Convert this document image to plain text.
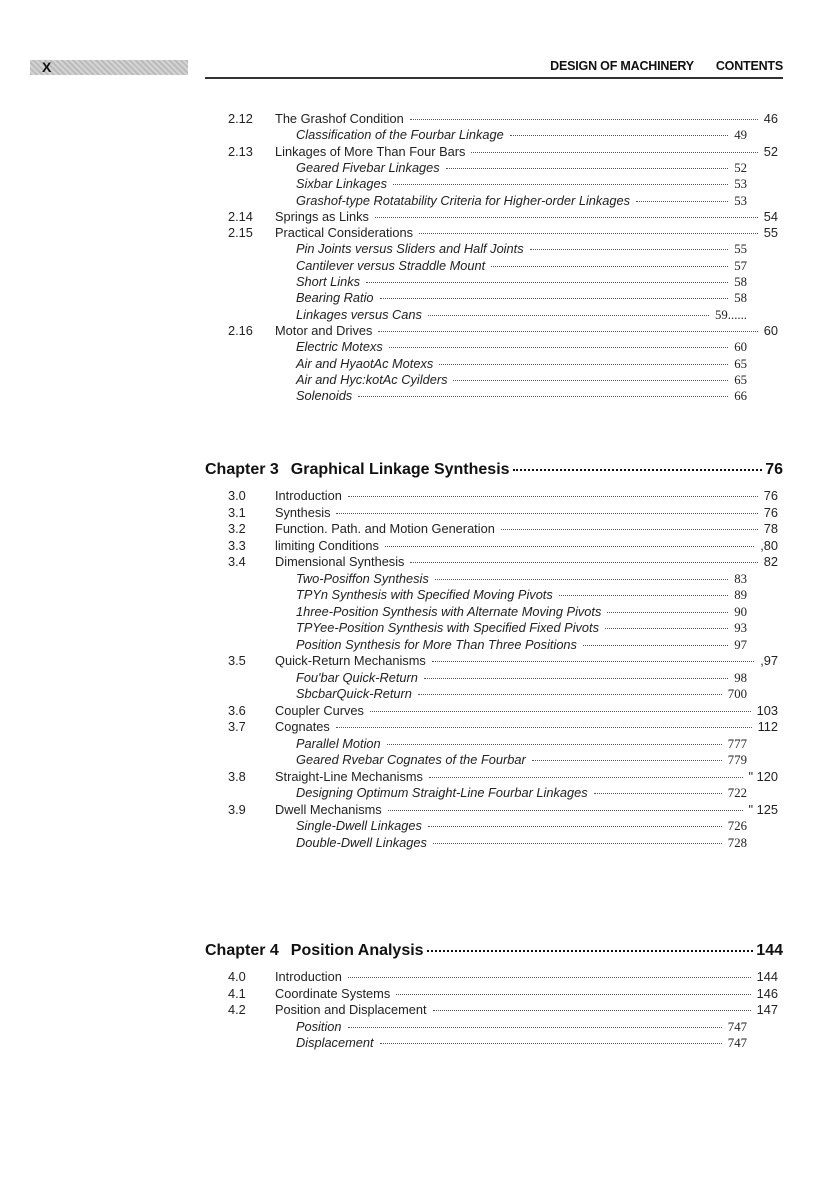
X	DESIGN OF MACHINERY CONTENTS
2.12	The Grashof Condition	46
Classification of the Fourbar Linkage	49
2.13	Linkages of More Than Four Bars	52
Geared Fivebar Linkages	52
Sixbar Linkages	53
Grashof-type Rotatability Criteria for Higher-order Linkages	53
2.14	Springs as Links	54
2.15	Practical Considerations	55
Pin Joints versus Sliders and Half Joints	55
Cantilever versus Straddle Mount	57
Short Links	58
Bearing Ratio	58
Linkages versus Cans	59......
2.16	Motor and Drives	60
Electric Motexs	60
Air and HyaotAc Motexs	65
Air and Hyc:kotAc Cyilders	65
Solenoids	66
Chapter 3 Graphical Linkage Synthesis	76
3.0	Introduction	76
3.1	Synthesis	76
3.2	Function. Path. and Motion Generation	78
3.3	limiting Conditions	,80
3.4	Dimensional Synthesis	82
Two-Posiffon Synthesis	83
TPYn Synthesis with Specified Moving Pivots	89
1hree-Position Synthesis with Alternate Moving Pivots	90
TPYee-Position Synthesis with Specified Fixed Pivots	93
Position Synthesis for More Than Three Positions	97
3.5	Quick-Return Mechanisms	,97
Fou'bar Quick-Return	98
SbcbarQuick-Return	700
3.6	Coupler Curves	103
3.7	Cognates	112
Parallel Motion	777
Geared Rvebar Cognates of the Fourbar	779
3.8	Straight-Line Mechanisms	" 120
Designing Optimum Straight-Line Fourbar Linkages	722
3.9	Dwell Mechanisms	" 125
Single-Dwell Linkages	726
Double-Dwell Linkages	728
Chapter 4 Position Analysis	144
4.0	Introduction	144
4.1	Coordinate Systems	146
4.2	Position and Displacement	147
Position	747
Displacement	747
